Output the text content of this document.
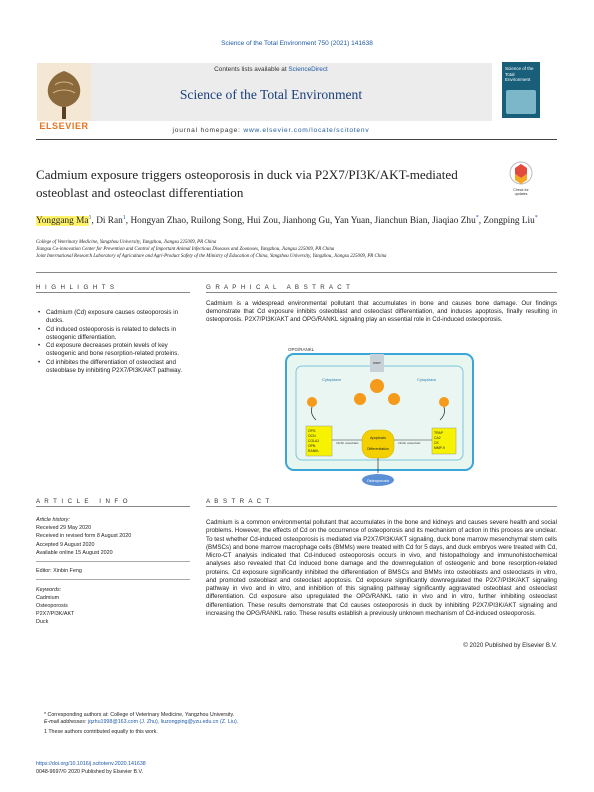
Science of the Total Environment 750 (2021) 141638
Contents lists available at ScienceDirect
Science of the Total Environment
journal homepage: www.elsevier.com/locate/scitotenv
ELSEVIER
Science of the Total Environment
Cadmium exposure triggers osteoporosis in duck via P2X7/PI3K/AKT-mediated osteoblast and osteoclast differentiation	Check for
updates
Yonggang Ma$^1$, Di Ran$^1$, Hongyan Zhao, Ruilong Song, Hui Zou, Jianhong Gu, Yan Yuan, Jianchun Bian, Jiaqiao Zhu*, Zongping Liu*
College of Veterinary Medicine, Yangzhou University, Yangzhou, Jiangsu 225009, PR China
Jiangsu Co-innovation Center for Prevention and Control of Important Animal Infectious Diseases and Zoonoses, Yangzhou, Jiangsu 225009, PR China
Joint International Research Laboratory of Agriculture and Agri-Product Safety of the Ministry of Education of China, Yangzhou University, Yangzhou, Jiangsu 225009, PR China
H I G H L I G H T S
• Cadmium (Cd) exposure causes osteoporosis in ducks.
• Cd induced osteoporosis is related to defects in osteogenic differentiation.
• Cd exposure decreases protein levels of key osteogenic and bone resorption-related proteins.
• Cd inhibites the differentiation of osteoclast and osteoblase by inhibiting P2X7/PI3K/AKT pathway.
G R A P H I C A L   A B S T R A C T
Cadmium is a widespread environmental pollutant that accumulates in bone and causes bone damage. Our findings demonstrate that Cd exposure inhibits osteoblast and osteoclast differentiation, and induces apoptosis, finally resulting in osteoporosis. P2X7/PI3K/AKT and OPG/RANKL signaling play an essential role in Cd-induced osteoporosis.
OPG/RANKL
Cytoplasm	Cytoplasm
P2X7
OPG
OCN
COLA1
OPN
RANKL
TRAP
CA2
CK
MMP-9
Apoptosis
Differentiation
Inhibit osteoblast	Inhibit osteoclast
Osteoporosis
A R T I C L E   I N F O
Article history:
Received 29 May 2020
Received in revised form 8 August 2020
Accepted 9 August 2020
Available online 15 August 2020
Editor: Xinbin Feng
Keywords:
Cadmium
Osteoporosis
P2X7/PI3K/AKT
Duck
A B S T R A C T
Cadmium is a common environmental pollutant that accumulates in the bone and kidneys and causes severe health and social problems. However, the effects of Cd on the occurrence of osteoporosis and its mechanism of action in this process are unclear. To test whether Cd-induced osteoporosis is mediated via P2X7/PI3K/AKT signaling, duck bone marrow mesenchymal stem cells (BMSCs) and bone marrow macrophage cells (BMMs) were treated with Cd for 5 days, and duck embryos were treated with Cd, Micro-CT analysis indicated that Cd-induced osteoporosis occurs in vivo, and histopathology and immunohistochemical analyses also revealed that Cd induced bone damage and the downregulation of osteogenic and bone resorption-related proteins. Cd exposure significantly inhibited the differentiation of BMSCs and BMMs into osteoblasts and osteoclasts in vitro, and promoted osteoblast and osteoclast apoptosis. Cd exposure significantly downregulated the P2X7/PI3K/AKT signaling pathway in vivo and in vitro, and inhibition of this signaling pathway significantly aggravated osteoblast and osteoclast differentiation. Cd exposure also upregulated the OPG/RANKL ratio in vivo and in vitro, further inhibiting osteoclast differentiation. These results demonstrate that Cd causes osteoporosis in duck by inhibiting P2X7/PI3K/AKT signaling and increasing the OPG/RANKL ratio. These results establish a previously unknown mechanism of Cd-induced osteoporosis.
© 2020 Published by Elsevier B.V.
* Corresponding authors at: College of Veterinary Medicine, Yangzhou University.
E-mail addresses: jqzhu1998@163.com (J. Zhu), liuzongping@yzu.edu.cn (Z. Liu).
1 These authors contributed equally to this work.
https://doi.org/10.1016/j.scitotenv.2020.141638
0048-9697/© 2020 Published by Elsevier B.V.
